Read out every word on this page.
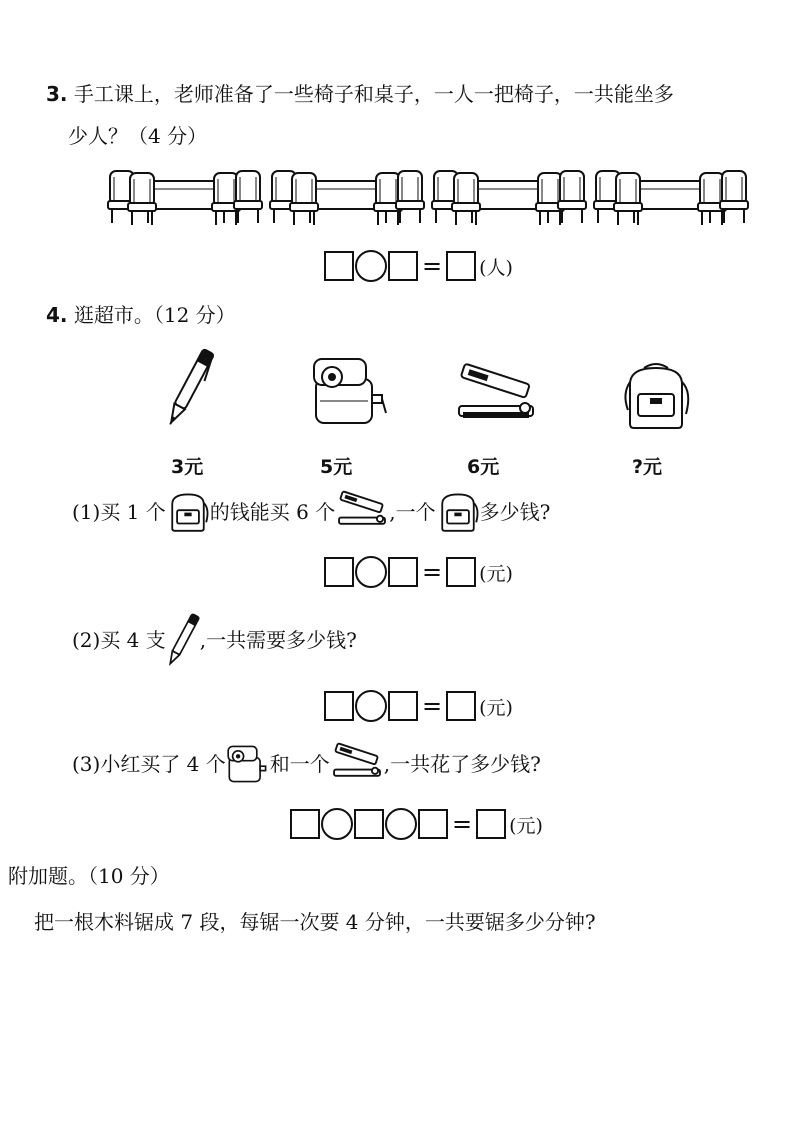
3. 手工课上，老师准备了一些椅子和桌子，一人一把椅子，一共能坐多
少人？（4 分）
= (人)
4. 逛超市。（12 分）
3元	5元	6元	?元
(1)买 1 个 的钱能买 6 个	,一个 多少钱?
= (元)
(2)买 4 支 ,一共需要多少钱?
= (元)
(3)小红买了 4 个 和一个	,一共花了多少钱?
= (元)
附加题。（10 分）
把一根木料锯成 7 段，每锯一次要 4 分钟，一共要锯多少分钟?
